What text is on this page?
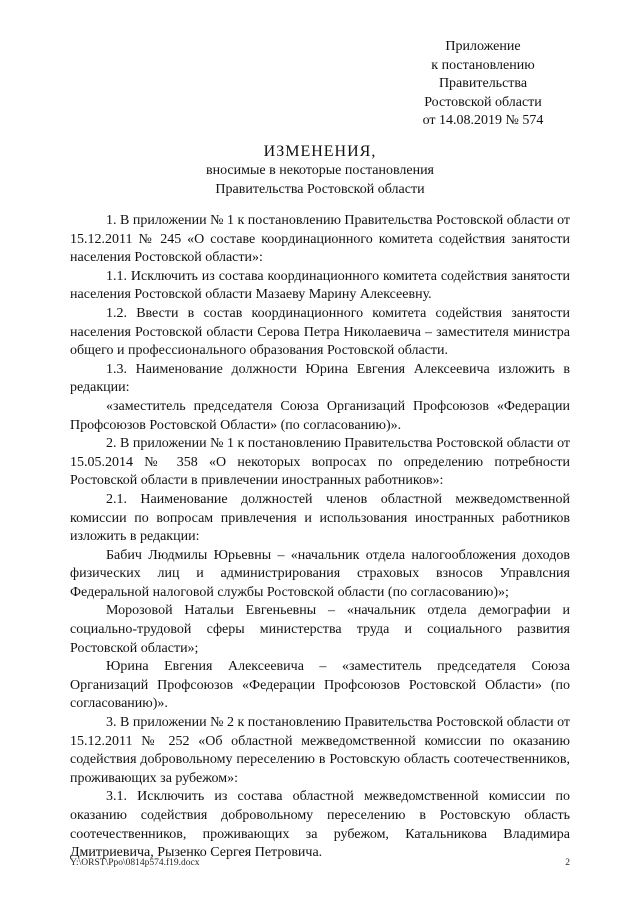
Приложение
к постановлению
Правительства
Ростовской области
от 14.08.2019 № 574
ИЗМЕНЕНИЯ,
вносимые в некоторые постановления
Правительства Ростовской области

1. В приложении № 1 к постановлению Правительства Ростовской области от 15.12.2011 № 245 «О составе координационного комитета содействия занятости населения Ростовской области»:

1.1. Исключить из состава координационного комитета содействия занятости населения Ростовской области Мазаеву Марину Алексеевну.

1.2. Ввести в состав координационного комитета содействия занятости населения Ростовской области Серова Петра Николаевича – заместителя министра общего и профессионального образования Ростовской области.

1.3. Наименование должности Юрина Евгения Алексеевича изложить в редакции:

«заместитель председателя Союза Организаций Профсоюзов «Федерации Профсоюзов Ростовской Области» (по согласованию)».

2. В приложении № 1 к постановлению Правительства Ростовской области от 15.05.2014 № 358 «О некоторых вопросах по определению потребности Ростовской области в привлечении иностранных работников»:

2.1. Наименование должностей членов областной межведомственной комиссии по вопросам привлечения и использования иностранных работников изложить в редакции:

Бабич Людмилы Юрьевны – «начальник отдела налогообложения доходов физических лиц и администрирования страховых взносов Управлсния Федеральной налоговой службы Ростовской области (по согласованию)»;

Морозовой Натальи Евгеньевны – «начальник отдела демографии и социально-трудовой сферы министерства труда и социального развития Ростовской области»;

Юрина Евгения Алексеевича – «заместитель председателя Союза Организаций Профсоюзов «Федерации Профсоюзов Ростовской Области» (по согласованию)».

3. В приложении № 2 к постановлению Правительства Ростовской области от 15.12.2011 № 252 «Об областной межведомственной комиссии по оказанию содействия добровольному переселению в Ростовскую область соотечественников, проживающих за рубежом»:

3.1. Исключить из состава областной межведомственной комиссии по оказанию содействия добровольному переселению в Ростовскую область соотечественников, проживающих за рубежом, Катальникова Владимира Дмитриевича, Рызенко Сергея Петровича.

Y:\ORST\Ppo\0814p574.f19.docx	2
